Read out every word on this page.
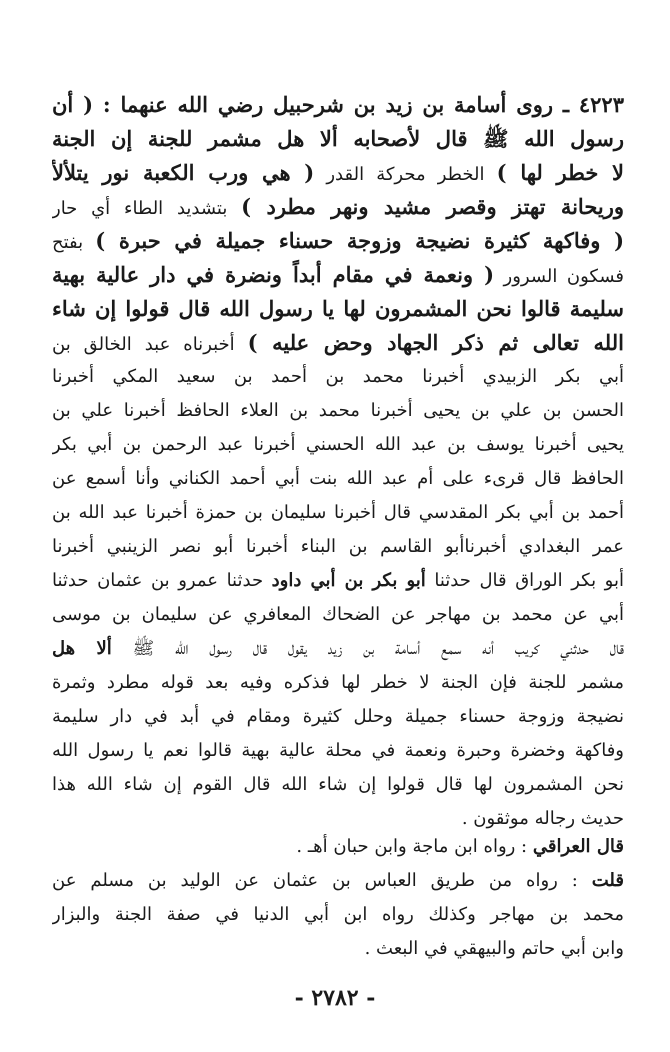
٤٢٢٣ ـ روى أسامة بن زيد بن شرحبيل رضي الله عنهما : ( أن

رسول الله ﷺ قال لأصحابه ألا هل مشمر للجنة إن الجنة

لا خطر لها ) الخطر محركة القدر ( هي ورب الكعبة نور يتلألأ

وريحانة تهتز وقصر مشيد ونهر مطرد ) بتشديد الطاء أي حار

( وفاكهة كثيرة نضيجة وزوجة حسناء جميلة في حبرة ) بفتح

فسكون السرور ( ونعمة في مقام أبداً ونضرة في دار عالية بهية

سليمة قالوا نحن المشمرون لها يا رسول الله قال قولوا إن شاء

الله تعالى ثم ذكر الجهاد وحض عليه ) أخبرناه عبد الخالق بن

أبي بكر الزبيدي أخبرنا محمد بن أحمد بن سعيد المكي أخبرنا

الحسن بن علي بن يحيى أخبرنا محمد بن العلاء الحافظ أخبرنا علي بن

يحيى أخبرنا يوسف بن عبد الله الحسني أخبرنا عبد الرحمن بن أبي بكر

الحافظ قال قرىء على أم عبد الله بنت أبي أحمد الكناني وأنا أسمع عن

أحمد بن أبي بكر المقدسي قال أخبرنا سليمان بن حمزة أخبرنا عبد الله بن

عمر البغدادي أخبرناأبو القاسم بن البناء أخبرنا أبو نصر الزينبي أخبرنا

أبو بكر الوراق قال حدثنا أبو بكر بن أبي داود حدثنا عمرو بن عثمان حدثنا

أبي عن محمد بن مهاجر عن الضحاك المعافري عن سليمان بن موسى

قال حدثني كريب أنه سمع أسامة بن زيد يقول قال رسول الله ﷺ ألا هل

مشمر للجنة فإن الجنة لا خطر لها فذكره وفيه بعد قوله مطرد وثمرة

نضيجة وزوجة حسناء جميلة وحلل كثيرة ومقام في أبد في دار سليمة

وفاكهة وخضرة وحبرة ونعمة في محلة عالية بهية قالوا نعم يا رسول الله

نحن المشمرون لها قال قولوا إن شاء الله قال القوم إن شاء الله هذا

حديث رجاله موثقون .

قال العراقي : رواه ابن ماجة وابن حبان أهـ .

قلت : رواه من طريق العباس بن عثمان عن الوليد بن مسلم عن

محمد بن مهاجر وكذلك رواه ابن أبي الدنيا في صفة الجنة والبزار

وابن أبي حاتم والبيهقي في البعث .

- ٢٧٨٢ -
